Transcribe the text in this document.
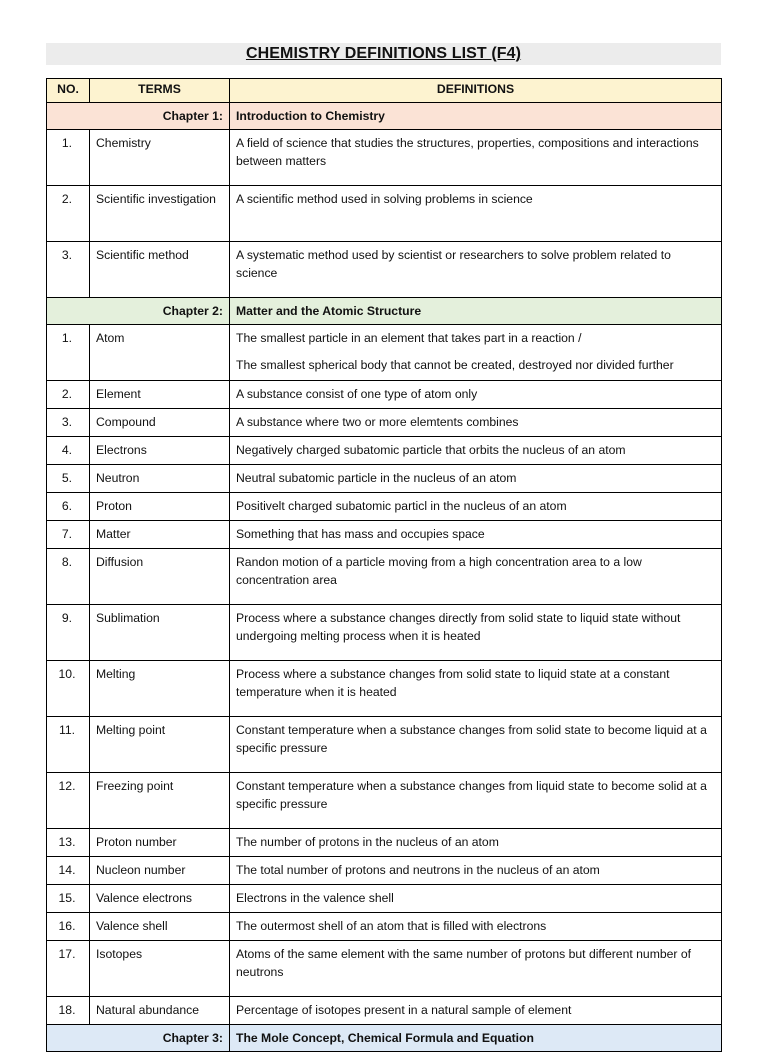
CHEMISTRY DEFINITIONS LIST (F4)
NO.	TERMS	DEFINITIONS
Chapter 1:		Introduction to Chemistry
1.	Chemistry	A field of science that studies the structures, properties, compositions and interactions between matters
2.	Scientific investigation	A scientific method used in solving problems in science
3.	Scientific method	A systematic method used by scientist or researchers to solve problem related to science
Chapter 2:		Matter and the Atomic Structure
1.	Atom	The smallest particle in an element that takes part in a reaction /
The smallest spherical body that cannot be created, destroyed nor divided further

2.	Element	A substance consist of one type of atom only
3.	Compound	A substance where two or more elemtents combines
4.	Electrons	Negatively charged subatomic particle that orbits the nucleus of an atom
5.	Neutron	Neutral subatomic particle in the nucleus of an atom
6.	Proton	Positivelt charged subatomic particl in the nucleus of an atom
7.	Matter	Something that has mass and occupies space
8.	Diffusion	Randon motion of a particle moving from a high concentration area to a low concentration area
9.	Sublimation	Process where a substance changes directly from solid state to liquid state without undergoing melting process when it is heated
10.	Melting	Process where a substance changes from solid state to liquid state at a constant temperature when it is heated
11.	Melting point	Constant temperature when a substance changes from solid state to become liquid at a specific pressure
12.	Freezing point	Constant temperature when a substance changes from liquid state to become solid at a specific pressure
13.	Proton number	The number of protons in the nucleus of an atom
14.	Nucleon number	The total number of protons and neutrons in the nucleus of an atom
15.	Valence electrons	Electrons in the valence shell
16.	Valence shell	The outermost shell of an atom that is filled with electrons
17.	Isotopes	Atoms of the same element with the same number of protons but different number of neutrons
18.	Natural abundance	Percentage of isotopes present in a natural sample of element
Chapter 3:		The Mole Concept, Chemical Formula and Equation
